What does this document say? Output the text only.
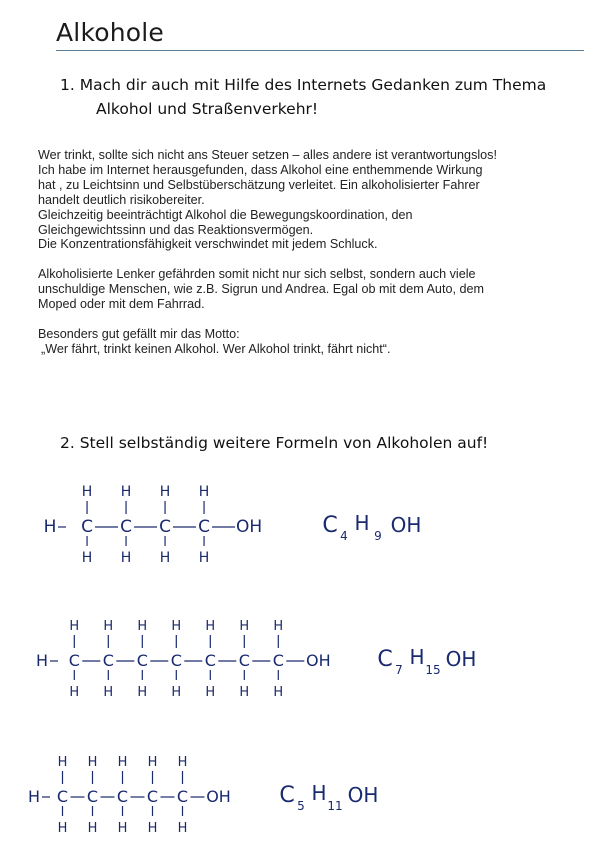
Alkohole
1. Mach dir auch mit Hilfe des Internets Gedanken zum Thema
Alkohol und Straßenverkehr!

Wer trinkt, sollte sich nicht ans Steuer setzen – alles andere ist verantwortungslos!

Ich habe im Internet herausgefunden, dass Alkohol eine enthemmende Wirkung

hat , zu Leichtsinn und Selbstüberschätzung verleitet. Ein alkoholisierter Fahrer

handelt deutlich risikobereiter.

Gleichzeitig beeinträchtigt Alkohol die Bewegungskoordination, den

Gleichgewichtssinn und das Reaktionsvermögen.

Die Konzentrationsfähigkeit verschwindet mit jedem Schluck.

Alkoholisierte Lenker gefährden somit nicht nur sich selbst, sondern auch viele

unschuldige Menschen, wie z.B. Sigrun und Andrea. Egal ob mit dem Auto, dem

Moped oder mit dem Fahrrad.

Besonders gut gefällt mir das Motto:

„Wer fährt, trinkt keinen Alkohol. Wer Alkohol trinkt, fährt nicht“.

2. Stell selbständig weitere Formeln von Alkoholen auf!
H C
H
H
C
H
H
C
H
H
C
H
H
OH	C 4
H
9 OH
H C
H
H
C
H
H
C
H
H
C
H
H
C
H
H
C
H
H
C
H
H
OH C 7
H
15 OH
H C
H
H
C
H
H
C
H
H
C
H
H
C
H
H
OH C 5
H
11 OH
